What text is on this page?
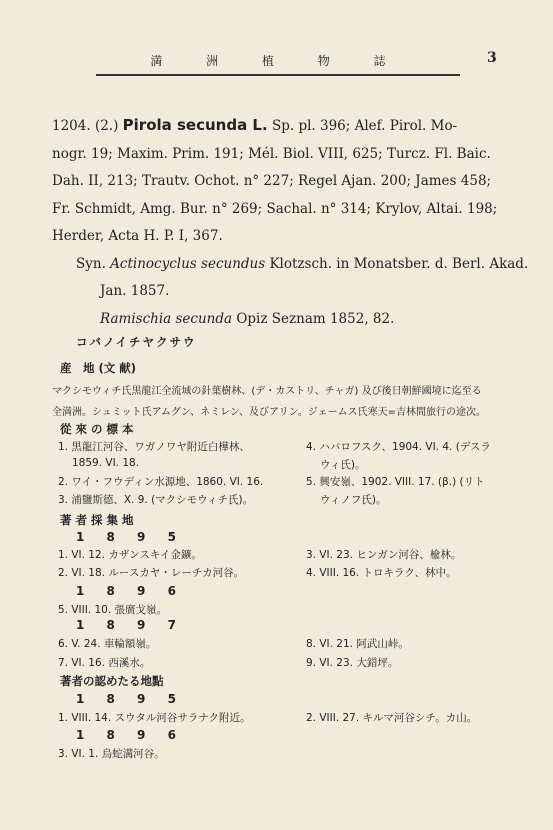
満 洲 植 物 誌	3
1204. (2.) Pirola secunda L. Sp. pl. 396; Alef. Pirol. Mo-
nogr. 19; Maxim. Prim. 191; Mél. Biol. VIII, 625; Turcz. Fl. Baic.
Dah. II, 213; Trautv. Ochot. n° 227; Regel Ajan. 200; James 458;
Fr. Schmidt, Amg. Bur. n° 269; Sachal. n° 314; Krylov, Altai. 198;
Herder, Acta H. P. I, 367.
Syn. Actinocyclus secundus Klotzsch. in Monatsber. d. Berl. Akad.
Jan. 1857.
Ramischia secunda Opiz Seznam 1852, 82.
コバノイチヤクサウ
産　地 (文 献)
マクシモウィチ氏黒龍江全流域の針葉樹林、(デ・カストリ、チャガ) 及び後日朝鮮國境に迄至る
全満洲。シュミット氏アムグン、ネミレン、及びアリン。ジェームス氏寒天=吉林間旅行の途次。
從 來 の 標 本
1. 黒龍江河谷、ワガノワヤ附近白樺林、
1859. VI. 18.
2. ワイ・フウディン水源地、1860. VI. 16.
3. 浦鹽斯德、X. 9. (マクシモウィチ氏)。
4. ハバロフスク、1904. VI. 4. (デスラ
ウィ氏)。
5. 興安嶺、1902. VIII. 17. (β.) (リト
ウィノフ氏)。
著 者 採 集 地
1 8 9 5
1. VI. 12. カザンスキイ金鑛。
2. VI. 18. ルースカヤ・レーチカ河谷。
3. VI. 23. ヒンガン河谷、楡林。
4. VIII. 16. トロキラク、林中。
1 8 9 6
5. VIII. 10. 張廣戈嶺。
1 8 9 7
6. V. 24. 車輪額嶺。
7. VI. 16. 西溪水。
8. VI. 21. 阿武山峠。
9. VI. 23. 大錯坪。
著者の認めたる地點
1 8 9 5
1. VIII. 14. スウタル河谷サラナク附近。	2. VIII. 27. キルマ河谷シチ。カ山。
1 8 9 6
3. VI. 1. 烏蛇溝河谷。
